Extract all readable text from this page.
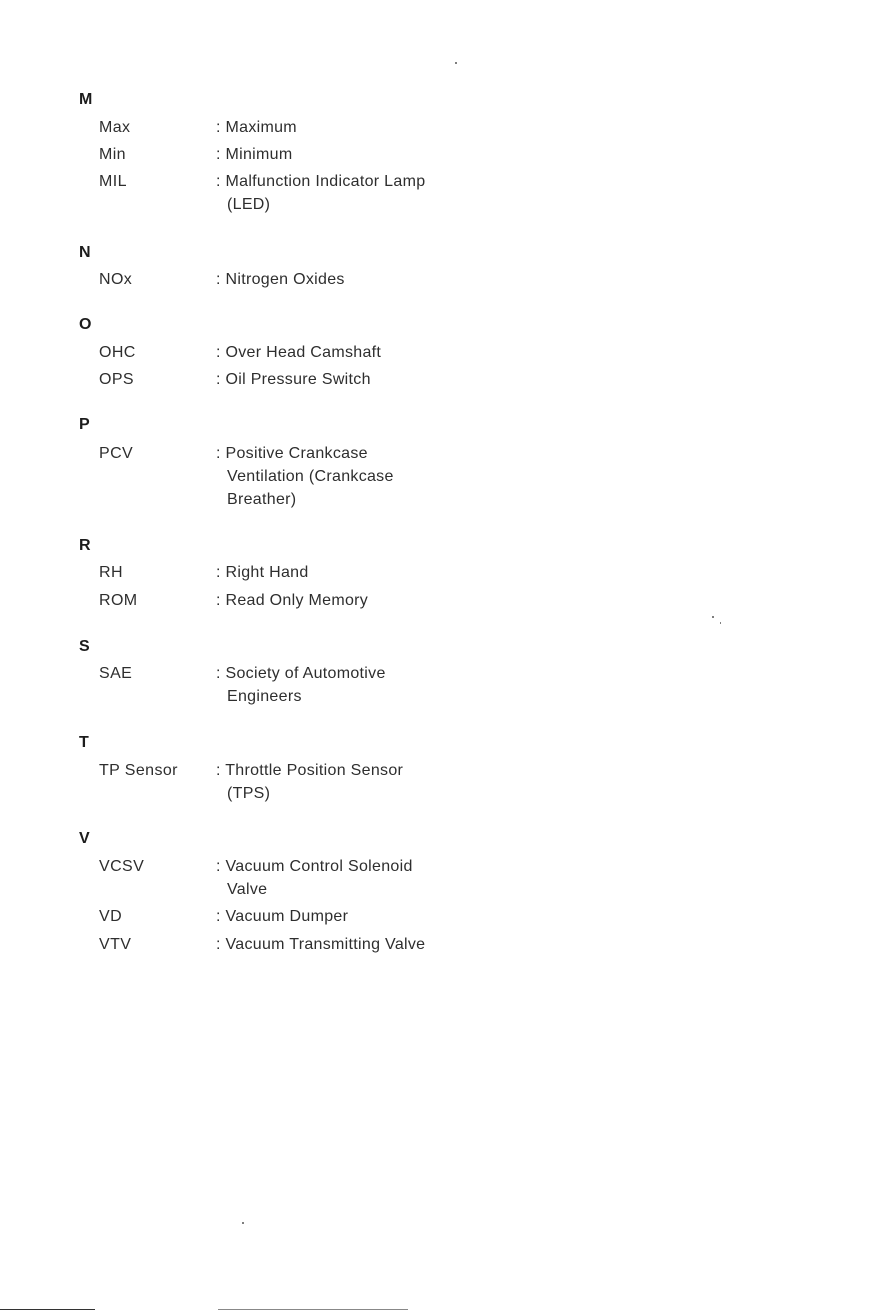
M
Max	: Maximum
Min	: Minimum
MIL	: Malfunction Indicator Lamp
(LED)
N
NOx	: Nitrogen Oxides
O
OHC	: Over Head Camshaft
OPS	: Oil Pressure Switch
P
PCV	: Positive Crankcase
Ventilation (Crankcase
Breather)
R
RH	: Right Hand
ROM	: Read Only Memory
S
SAE	: Society of Automotive
Engineers
T
TP Sensor : Throttle Position Sensor
(TPS)
V
VCSV	: Vacuum Control Solenoid
Valve
VD	: Vacuum Dumper
VTV	: Vacuum Transmitting Valve
